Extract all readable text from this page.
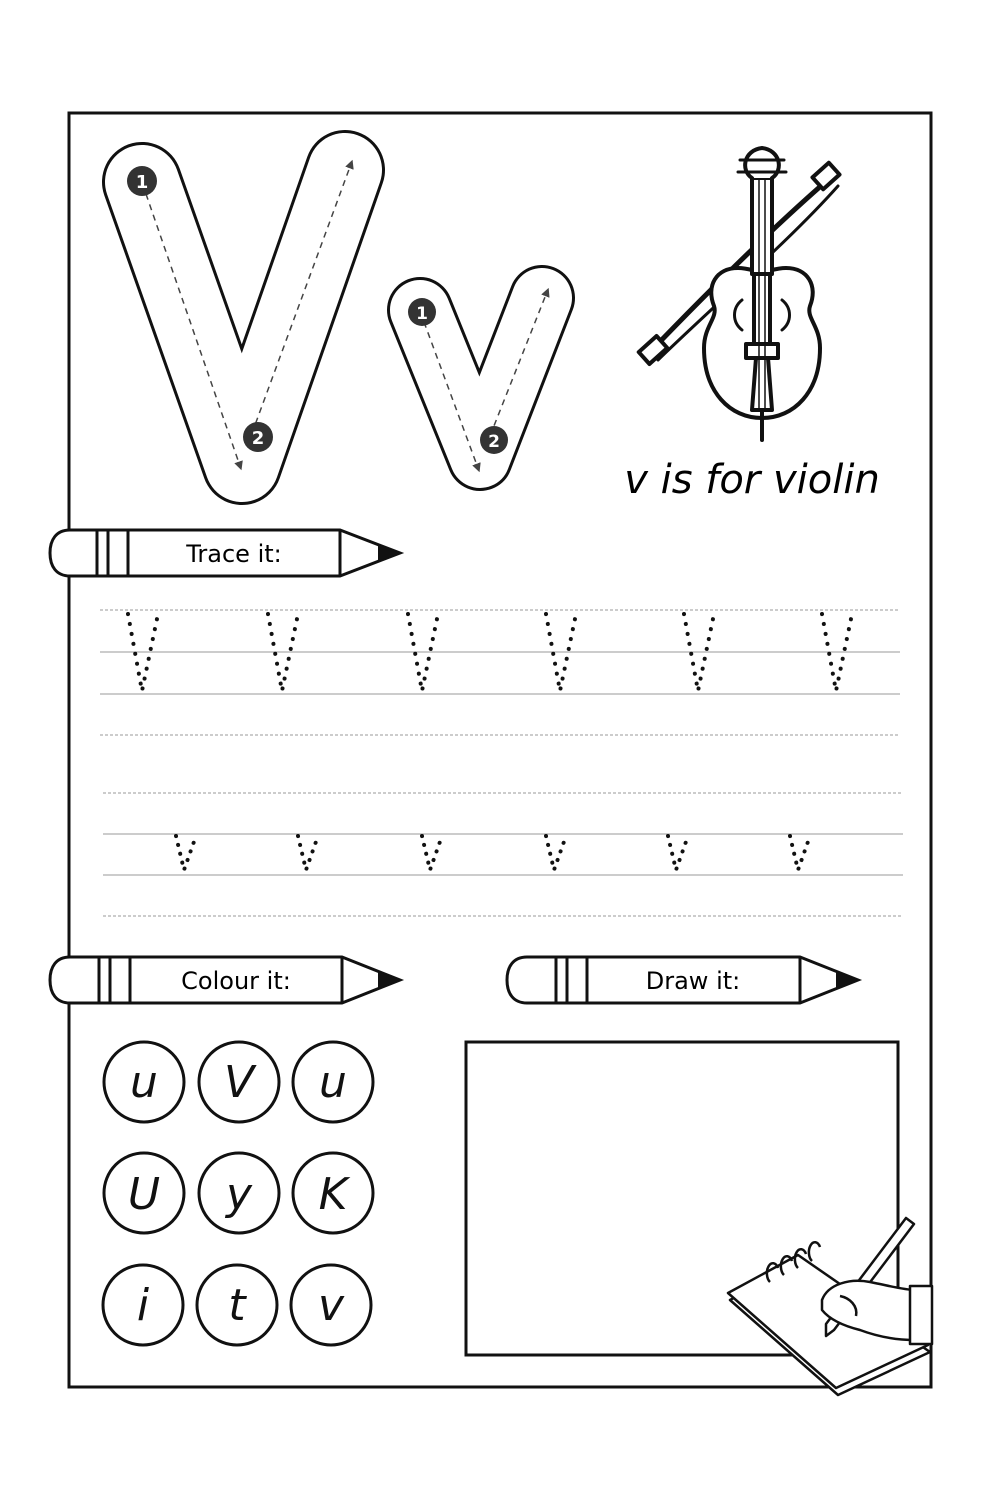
1
2
1
2
v is for violin
Trace it:
Colour it:	Draw it:
u V u
U y K
i t v
